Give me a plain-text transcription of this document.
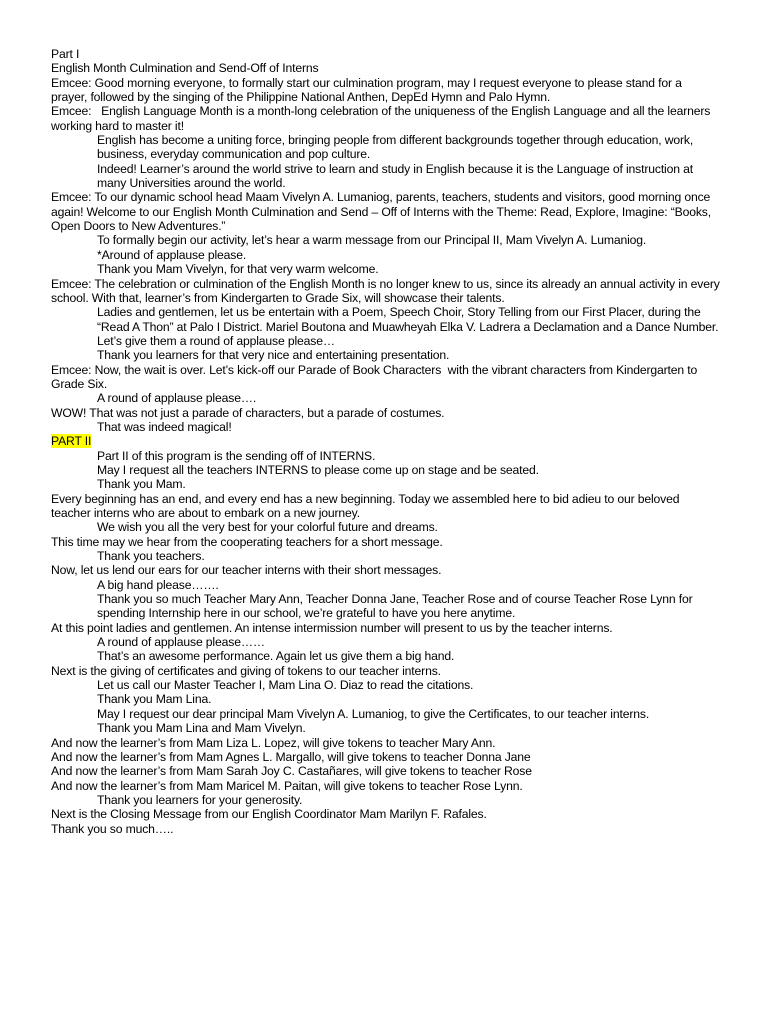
Part I
English Month Culmination and Send-Off of Interns
Emcee: Good morning everyone, to formally start our culmination program, may I request everyone to please stand for a prayer, followed by the singing of the Philippine National Anthen, DepEd Hymn and Palo Hymn.
Emcee:   English Language Month is a month-long celebration of the uniqueness of the English Language and all the learners working hard to master it!
English has become a uniting force, bringing people from different backgrounds together through education, work, business, everyday communication and pop culture.
Indeed! Learner’s around the world strive to learn and study in English because it is the Language of instruction at many Universities around the world.
Emcee: To our dynamic school head Maam Vivelyn A. Lumaniog, parents, teachers, students and visitors, good morning once again! Welcome to our English Month Culmination and Send – Off of Interns with the Theme: Read, Explore, Imagine: “Books, Open Doors to New Adventures.”
To formally begin our activity, let’s hear a warm message from our Principal II, Mam Vivelyn A. Lumaniog.
*Around of applause please.
Thank you Mam Vivelyn, for that very warm welcome.
Emcee: The celebration or culmination of the English Month is no longer knew to us, since its already an annual activity in every school. With that, learner’s from Kindergarten to Grade Six, will showcase their talents.
Ladies and gentlemen, let us be entertain with a Poem, Speech Choir, Story Telling from our First Placer, during the “Read A Thon” at Palo I District. Mariel Boutona and Muawheyah Elka V. Ladrera a Declamation and a Dance Number.
Let’s give them a round of applause please…
Thank you learners for that very nice and entertaining presentation.
Emcee: Now, the wait is over. Let’s kick-off our Parade of Book Characters  with the vibrant characters from Kindergarten to Grade Six.
A round of applause please….
WOW! That was not just a parade of characters, but a parade of costumes.
That was indeed magical!
PART II
Part II of this program is the sending off of INTERNS.
May I request all the teachers INTERNS to please come up on stage and be seated.
Thank you Mam.
Every beginning has an end, and every end has a new beginning. Today we assembled here to bid adieu to our beloved teacher interns who are about to embark on a new journey.
We wish you all the very best for your colorful future and dreams.
This time may we hear from the cooperating teachers for a short message.
Thank you teachers.
Now, let us lend our ears for our teacher interns with their short messages.
A big hand please…….
Thank you so much Teacher Mary Ann, Teacher Donna Jane, Teacher Rose and of course Teacher Rose Lynn for spending Internship here in our school, we’re grateful to have you here anytime.
At this point ladies and gentlemen. An intense intermission number will present to us by the teacher interns.
A round of applause please……
That’s an awesome performance. Again let us give them a big hand.
Next is the giving of certificates and giving of tokens to our teacher interns.
Let us call our Master Teacher I, Mam Lina O. Diaz to read the citations.
Thank you Mam Lina.
May I request our dear principal Mam Vivelyn A. Lumaniog, to give the Certificates, to our teacher interns.
Thank you Mam Lina and Mam Vivelyn.
And now the learner’s from Mam Liza L. Lopez, will give tokens to teacher Mary Ann.
And now the learner’s from Mam Agnes L. Margallo, will give tokens to teacher Donna Jane
And now the learner’s from Mam Sarah Joy C. Castañares, will give tokens to teacher Rose
And now the learner’s from Mam Maricel M. Paitan, will give tokens to teacher Rose Lynn.
Thank you learners for your generosity.
Next is the Closing Message from our English Coordinator Mam Marilyn F. Rafales.
Thank you so much…..
